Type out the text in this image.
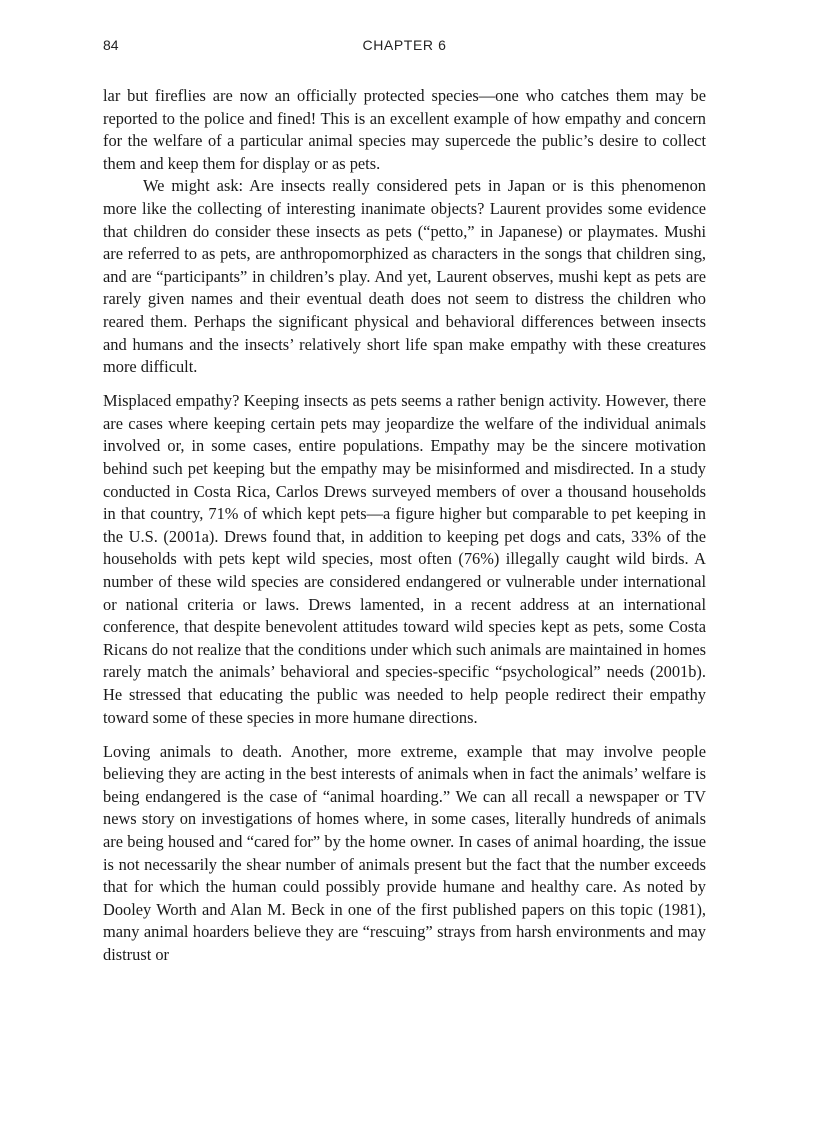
84	CHAPTER 6

lar but fireflies are now an officially protected species—one who catches them may be reported to the police and fined! This is an excellent example of how empathy and concern for the welfare of a particular animal species may supercede the public’s desire to collect them and keep them for display or as pets.

We might ask: Are insects really considered pets in Japan or is this phenomenon more like the collecting of interesting inanimate objects? Laurent provides some evidence that children do consider these insects as pets (“petto,” in Japanese) or playmates. Mushi are referred to as pets, are anthropomorphized as characters in the songs that children sing, and are “participants” in children’s play. And yet, Laurent observes, mushi kept as pets are rarely given names and their eventual death does not seem to distress the children who reared them. Perhaps the significant physical and behavioral differences between insects and humans and the insects’ relatively short life span make empathy with these creatures more difficult.

Misplaced empathy? Keeping insects as pets seems a rather benign activity. However, there are cases where keeping certain pets may jeopardize the welfare of the individual animals involved or, in some cases, entire populations. Empathy may be the sincere motivation behind such pet keeping but the empathy may be misinformed and misdirected. In a study conducted in Costa Rica, Carlos Drews surveyed members of over a thousand households in that country, 71% of which kept pets—a figure higher but comparable to pet keeping in the U.S. (2001a). Drews found that, in addition to keeping pet dogs and cats, 33% of the households with pets kept wild species, most often (76%) illegally caught wild birds. A number of these wild species are considered endangered or vulnerable under international or national criteria or laws. Drews lamented, in a recent address at an international conference, that despite benevolent attitudes toward wild species kept as pets, some Costa Ricans do not realize that the conditions under which such animals are maintained in homes rarely match the animals’ behavioral and species-specific “psychological” needs (2001b). He stressed that educating the public was needed to help people redirect their empathy toward some of these species in more humane directions.

Loving animals to death. Another, more extreme, example that may involve people believing they are acting in the best interests of animals when in fact the animals’ welfare is being endangered is the case of “animal hoarding.” We can all recall a newspaper or TV news story on investigations of homes where, in some cases, literally hundreds of animals are being housed and “cared for” by the home owner. In cases of animal hoarding, the issue is not necessarily the shear number of animals present but the fact that the number exceeds that for which the human could possibly provide humane and healthy care. As noted by Dooley Worth and Alan M. Beck in one of the first published papers on this topic (1981), many animal hoarders believe they are “rescuing” strays from harsh environments and may distrust or
